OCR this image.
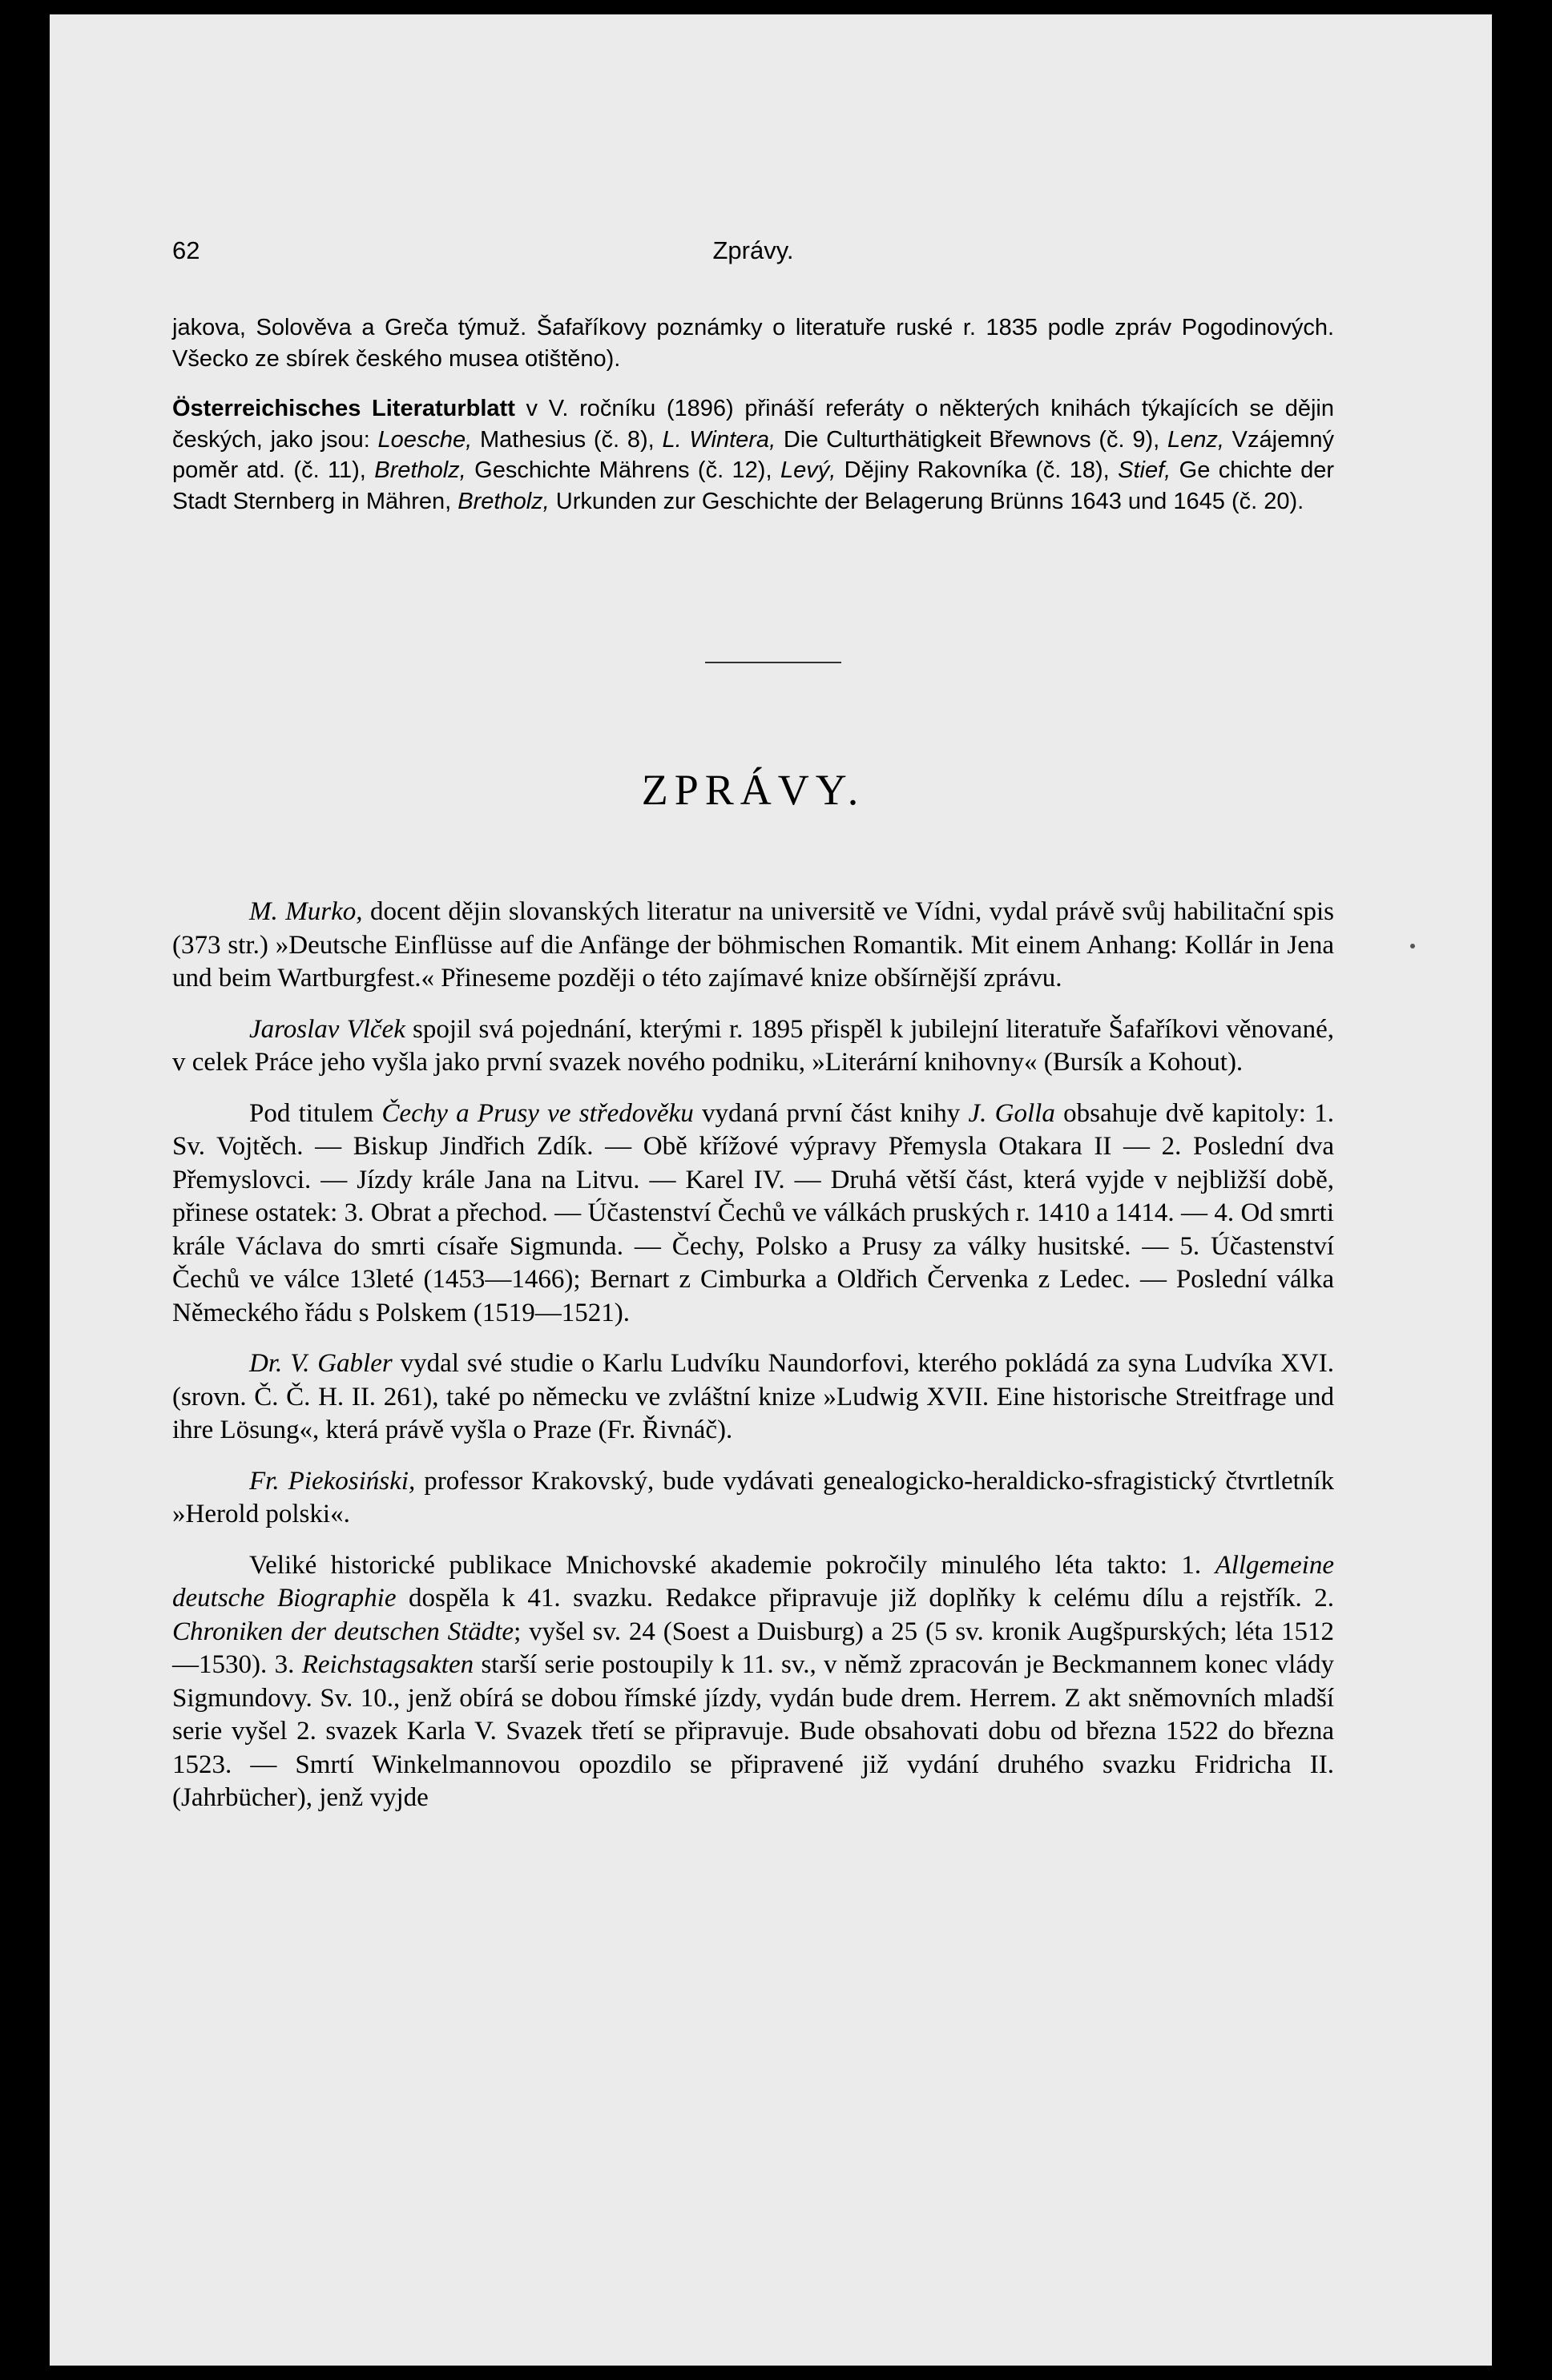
62	Zprávy.

jakova, Solověva a Greča týmuž. Šafaříkovy poznámky o literatuře ruské r. 1835 podle zpráv Pogodinových. Všecko ze sbírek českého musea otištěno).

Österreichisches Literaturblatt v V. ročníku (1896) přináší referáty o některých knihách týkajících se dějin českých, jako jsou: Loesche, Mathesius (č. 8), L. Wintera, Die Culturthätigkeit Břewnovs (č. 9), Lenz, Vzájemný poměr atd. (č. 11), Bretholz, Geschichte Mährens (č. 12), Levý, Dějiny Rakovníka (č. 18), Stief, Ge chichte der Stadt Sternberg in Mähren, Bretholz, Urkunden zur Geschichte der Belagerung Brünns 1643 und 1645 (č. 20).

ZPRÁVY.

M. Murko, docent dějin slovanských literatur na universitě ve Vídni, vydal právě svůj habilitační spis (373 str.) »Deutsche Einflüsse auf die Anfänge der böhmischen Romantik. Mit einem Anhang: Kollár in Jena und beim Wartburgfest.« Přineseme později o této zajímavé knize obšírnější zprávu.

Jaroslav Vlček spojil svá pojednání, kterými r. 1895 přispěl k jubilejní literatuře Šafaříkovi věnované, v celek Práce jeho vyšla jako první svazek nového podniku, »Literární knihovny« (Bursík a Kohout).

Pod titulem Čechy a Prusy ve středověku vydaná první část knihy J. Golla obsahuje dvě kapitoly: 1. Sv. Vojtěch. — Biskup Jindřich Zdík. — Obě křížové výpravy Přemysla Otakara II — 2. Poslední dva Přemyslovci. — Jízdy krále Jana na Litvu. — Karel IV. — Druhá větší část, která vyjde v nejbližší době, přinese ostatek: 3. Obrat a přechod. — Účastenství Čechů ve válkách pruských r. 1410 a 1414. — 4. Od smrti krále Václava do smrti císaře Sigmunda. — Čechy, Polsko a Prusy za války husitské. — 5. Účastenství Čechů ve válce 13leté (1453—1466); Bernart z Cimburka a Oldřich Červenka z Ledec. — Poslední válka Německého řádu s Polskem (1519—1521).

Dr. V. Gabler vydal své studie o Karlu Ludvíku Naundorfovi, kterého pokládá za syna Ludvíka XVI. (srovn. Č. Č. H. II. 261), také po německu ve zvláštní knize »Ludwig XVII. Eine historische Streitfrage und ihre Lösung«, která právě vyšla o Praze (Fr. Řivnáč).

Fr. Piekosiński, professor Krakovský, bude vydávati genealogicko-heraldicko-sfragistický čtvrtletník »Herold polski«.

Veliké historické publikace Mnichovské akademie pokročily minulého léta takto: 1. Allgemeine deutsche Biographie dospěla k 41. svazku. Redakce připravuje již doplňky k celému dílu a rejstřík. 2. Chroniken der deutschen Städte; vyšel sv. 24 (Soest a Duisburg) a 25 (5 sv. kronik Augšpurských; léta 1512—1530). 3. Reichstagsakten starší serie postoupily k 11. sv., v němž zpracován je Beckmannem konec vlády Sigmundovy. Sv. 10., jenž obírá se dobou římské jízdy, vydán bude drem. Herrem. Z akt sněmovních mladší serie vyšel 2. svazek Karla V. Svazek třetí se připravuje. Bude obsahovati dobu od března 1522 do března 1523. — Smrtí Winkelmannovou opozdilo se připravené již vydání druhého svazku Fridricha II. (Jahrbücher), jenž vyjde
